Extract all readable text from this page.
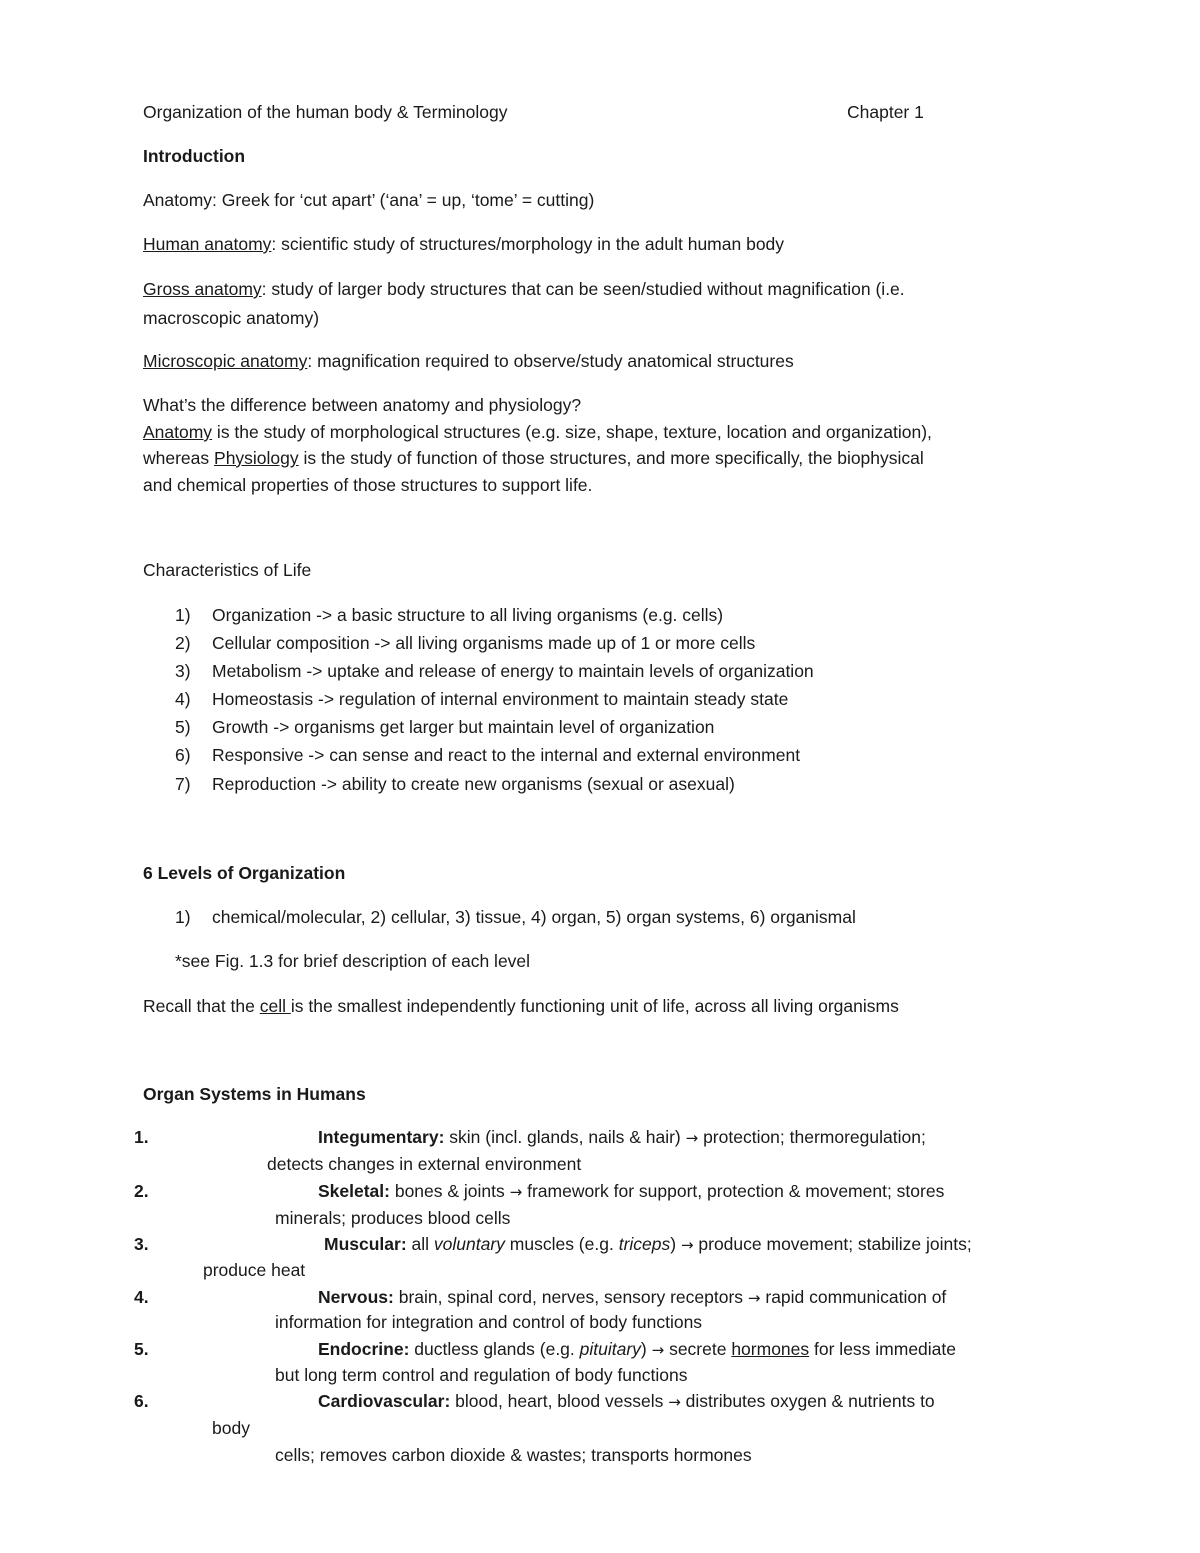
Organization of the human body & Terminology	Chapter 1
Introduction
Anatomy: Greek for ‘cut apart’ (‘ana’ = up, ‘tome’ = cutting)
Human anatomy: scientific study of structures/morphology in the adult human body
Gross anatomy: study of larger body structures that can be seen/studied without magnification (i.e.
macroscopic anatomy)
Microscopic anatomy: magnification required to observe/study anatomical structures
What’s the difference between anatomy and physiology?
Anatomy is the study of morphological structures (e.g. size, shape, texture, location and organization),
whereas Physiology is the study of function of those structures, and more specifically, the biophysical
and chemical properties of those structures to support life.
Characteristics of Life
1) Organization -> a basic structure to all living organisms (e.g. cells)
2) Cellular composition -> all living organisms made up of 1 or more cells
3) Metabolism -> uptake and release of energy to maintain levels of organization
4) Homeostasis -> regulation of internal environment to maintain steady state
5) Growth -> organisms get larger but maintain level of organization
6) Responsive -> can sense and react to the internal and external environment
7) Reproduction -> ability to create new organisms (sexual or asexual)
6 Levels of Organization
1) chemical/molecular, 2) cellular, 3) tissue, 4) organ, 5) organ systems, 6) organismal
*see Fig. 1.3 for brief description of each level
Recall that the cell is the smallest independently functioning unit of life, across all living organisms
Organ Systems in Humans
1.	Integumentary: skin (incl. glands, nails & hair) → protection; thermoregulation;
detects changes in external environment
2.	Skeletal: bones & joints → framework for support, protection & movement; stores
minerals; produces blood cells
3.	Muscular: all voluntary muscles (e.g. triceps) → produce movement; stabilize joints;
produce heat
4.	Nervous: brain, spinal cord, nerves, sensory receptors → rapid communication of
information for integration and control of body functions
5.	Endocrine: ductless glands (e.g. pituitary) → secrete hormones for less immediate
but long term control and regulation of body functions
6.	Cardiovascular: blood, heart, blood vessels → distributes oxygen & nutrients to
body
cells; removes carbon dioxide & wastes; transports hormones
